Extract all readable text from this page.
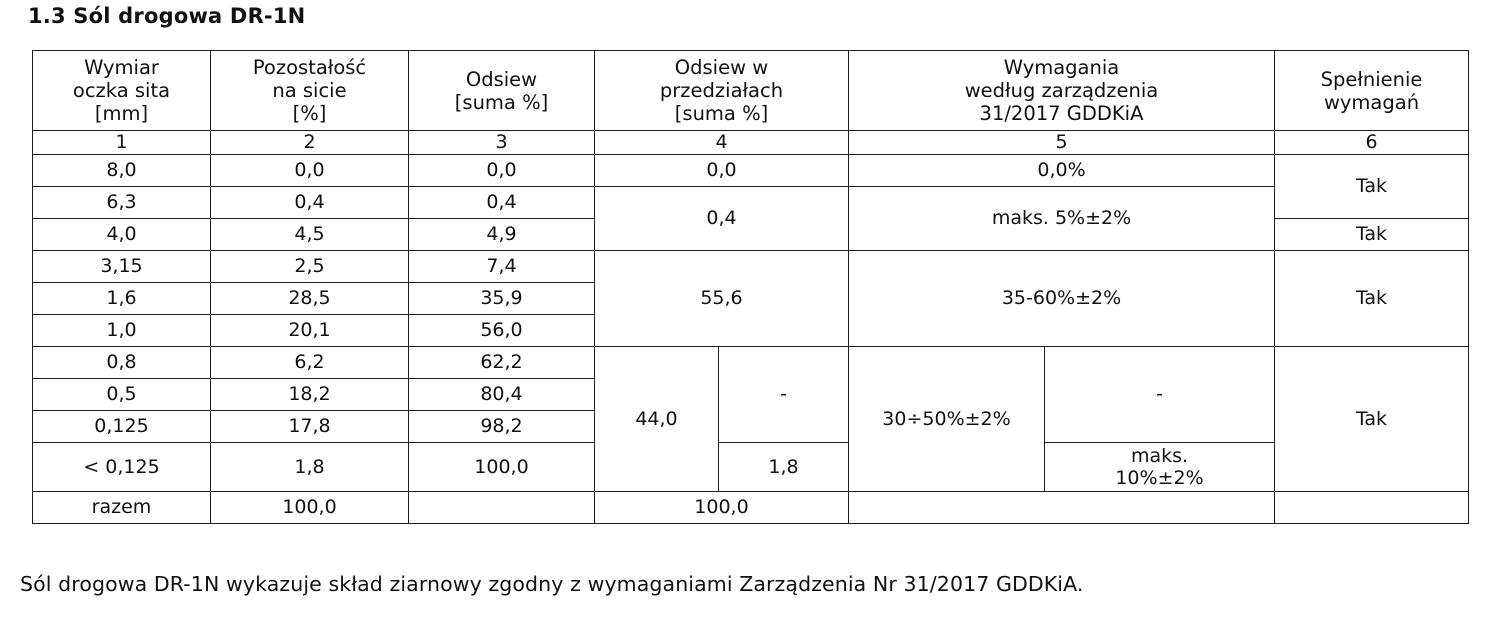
1.3 Sól drogowa DR-1N
Wymiar
oczka sita
[mm]

Pozostałość
na sicie
[%]

Odsiew
[suma %]

Odsiew w
przedziałach
[suma %]

Wymagania
według zarządzenia
31/2017 GDDKiA

Spełnienie
wymagań

1	2	3	4		5		6
8,0	0,0	0,0	0,0		0,0%		Tak
6,3	0,4	0,4	0,4		maks. 5%±2%		
4,0	4,5	4,9					Tak
3,15	2,5	7,4	55,6		35-60%±2%		Tak
1,6	28,5	35,9					
1,0	20,1	56,0					
0,8	6,2	62,2	44,0	-	30÷50%±2%	-	Tak
0,5	18,2	80,4					
0,125	17,8	98,2					
< 0,125	1,8	100,0		1,8		maks.
10%±2%	

razem	100,0		100,0				
Sól drogowa DR-1N wykazuje skład ziarnowy zgodny z wymaganiami Zarządzenia Nr 31/2017 GDDKiA.
